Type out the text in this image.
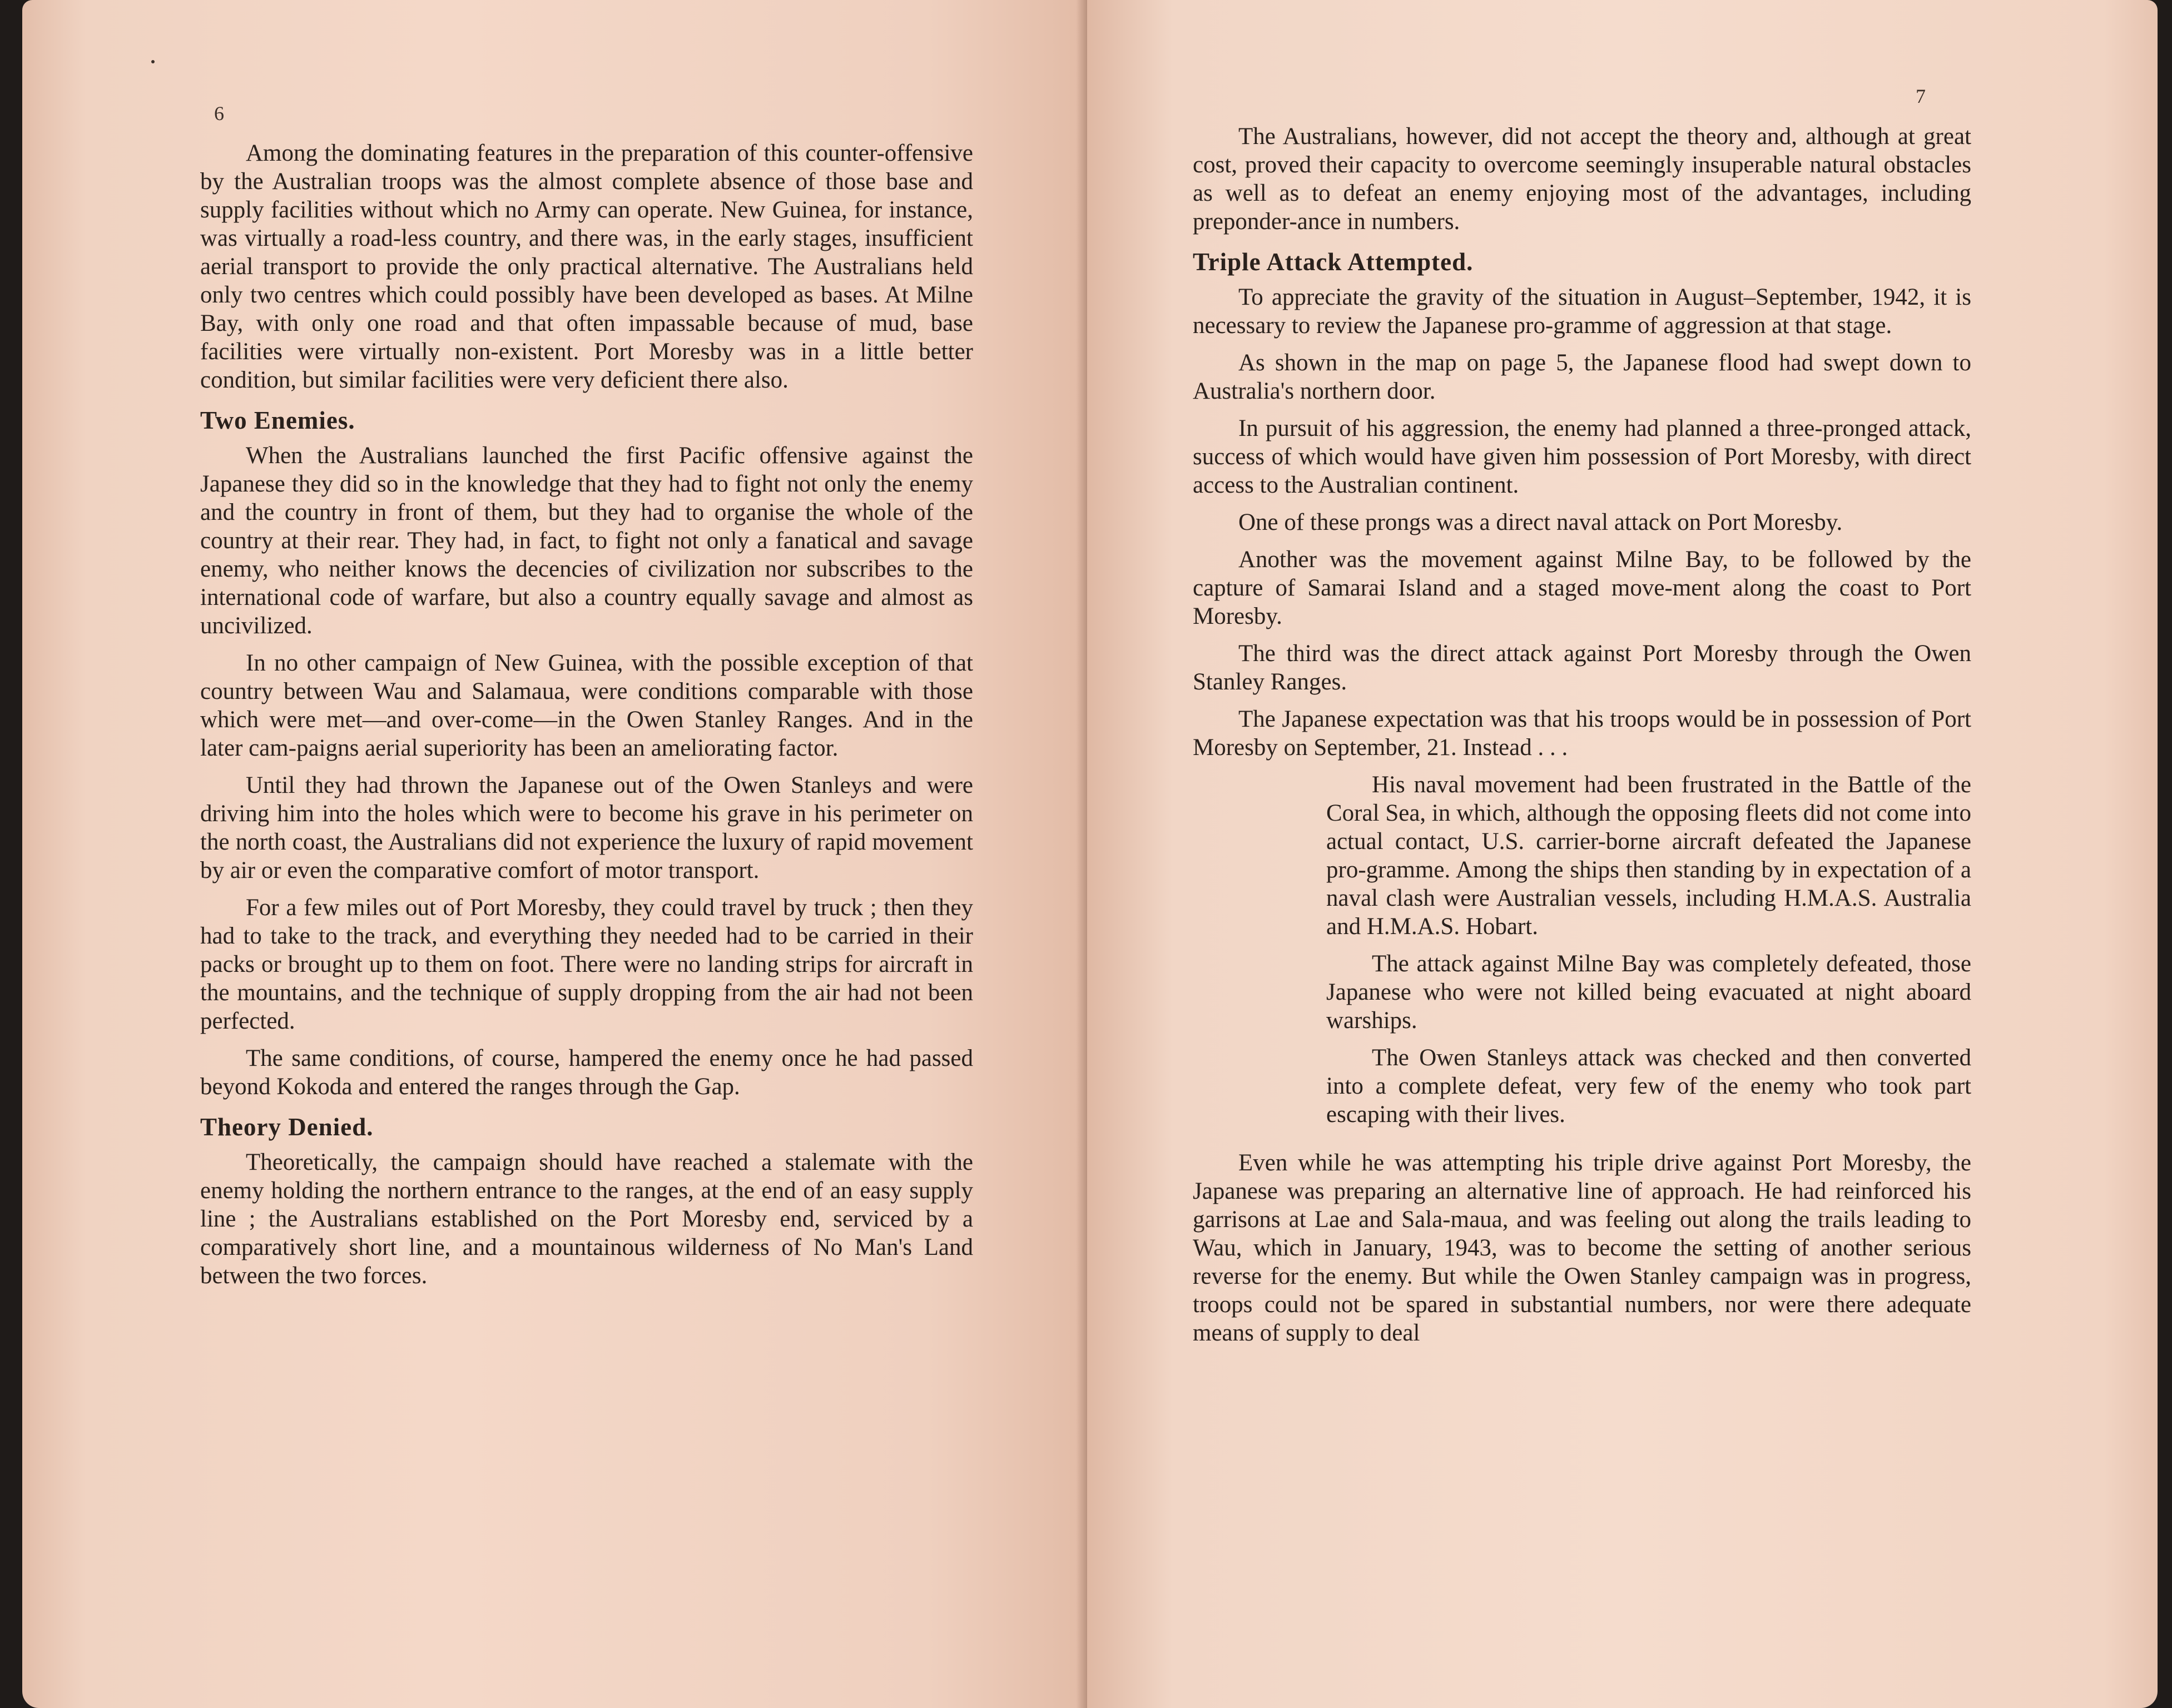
6

Among the dominating features in the preparation of this counter-offensive by the Australian troops was the almost complete absence of those base and supply facilities without which no Army can operate. New Guinea, for instance, was virtually a road-less country, and there was, in the early stages, insufficient aerial transport to provide the only practical alternative. The Australians held only two centres which could possibly have been developed as bases. At Milne Bay, with only one road and that often impassable because of mud, base facilities were virtually non-existent. Port Moresby was in a little better condition, but similar facilities were very deficient there also.

Two Enemies.

When the Australians launched the first Pacific offensive against the Japanese they did so in the knowledge that they had to fight not only the enemy and the country in front of them, but they had to organise the whole of the country at their rear. They had, in fact, to fight not only a fanatical and savage enemy, who neither knows the decencies of civilization nor subscribes to the international code of warfare, but also a country equally savage and almost as uncivilized.

In no other campaign of New Guinea, with the possible exception of that country between Wau and Salamaua, were conditions comparable with those which were met—and over-come—in the Owen Stanley Ranges. And in the later cam-paigns aerial superiority has been an ameliorating factor.

Until they had thrown the Japanese out of the Owen Stanleys and were driving him into the holes which were to become his grave in his perimeter on the north coast, the Australians did not experience the luxury of rapid movement by air or even the comparative comfort of motor transport.

For a few miles out of Port Moresby, they could travel by truck ; then they had to take to the track, and everything they needed had to be carried in their packs or brought up to them on foot. There were no landing strips for aircraft in the mountains, and the technique of supply dropping from the air had not been perfected.

The same conditions, of course, hampered the enemy once he had passed beyond Kokoda and entered the ranges through the Gap.

Theory Denied.

Theoretically, the campaign should have reached a stalemate with the enemy holding the northern entrance to the ranges, at the end of an easy supply line ; the Australians established on the Port Moresby end, serviced by a comparatively short line, and a mountainous wilderness of No Man's Land between the two forces.

7

The Australians, however, did not accept the theory and, although at great cost, proved their capacity to overcome seemingly insuperable natural obstacles as well as to defeat an enemy enjoying most of the advantages, including preponder-ance in numbers.

Triple Attack Attempted.

To appreciate the gravity of the situation in August–September, 1942, it is necessary to review the Japanese pro-gramme of aggression at that stage.

As shown in the map on page 5, the Japanese flood had swept down to Australia's northern door.

In pursuit of his aggression, the enemy had planned a three-pronged attack, success of which would have given him possession of Port Moresby, with direct access to the Australian continent.

One of these prongs was a direct naval attack on Port Moresby.

Another was the movement against Milne Bay, to be followed by the capture of Samarai Island and a staged move-ment along the coast to Port Moresby.

The third was the direct attack against Port Moresby through the Owen Stanley Ranges.

The Japanese expectation was that his troops would be in possession of Port Moresby on September, 21. Instead . . .

His naval movement had been frustrated in the Battle of the Coral Sea, in which, although the opposing fleets did not come into actual contact, U.S. carrier-borne aircraft defeated the Japanese pro-gramme. Among the ships then standing by in expectation of a naval clash were Australian vessels, including H.M.A.S. Australia and H.M.A.S. Hobart.

The attack against Milne Bay was completely defeated, those Japanese who were not killed being evacuated at night aboard warships.

The Owen Stanleys attack was checked and then converted into a complete defeat, very few of the enemy who took part escaping with their lives.

Even while he was attempting his triple drive against Port Moresby, the Japanese was preparing an alternative line of approach. He had reinforced his garrisons at Lae and Sala-maua, and was feeling out along the trails leading to Wau, which in January, 1943, was to become the setting of another serious reverse for the enemy. But while the Owen Stanley campaign was in progress, troops could not be spared in substantial numbers, nor were there adequate means of supply to deal
